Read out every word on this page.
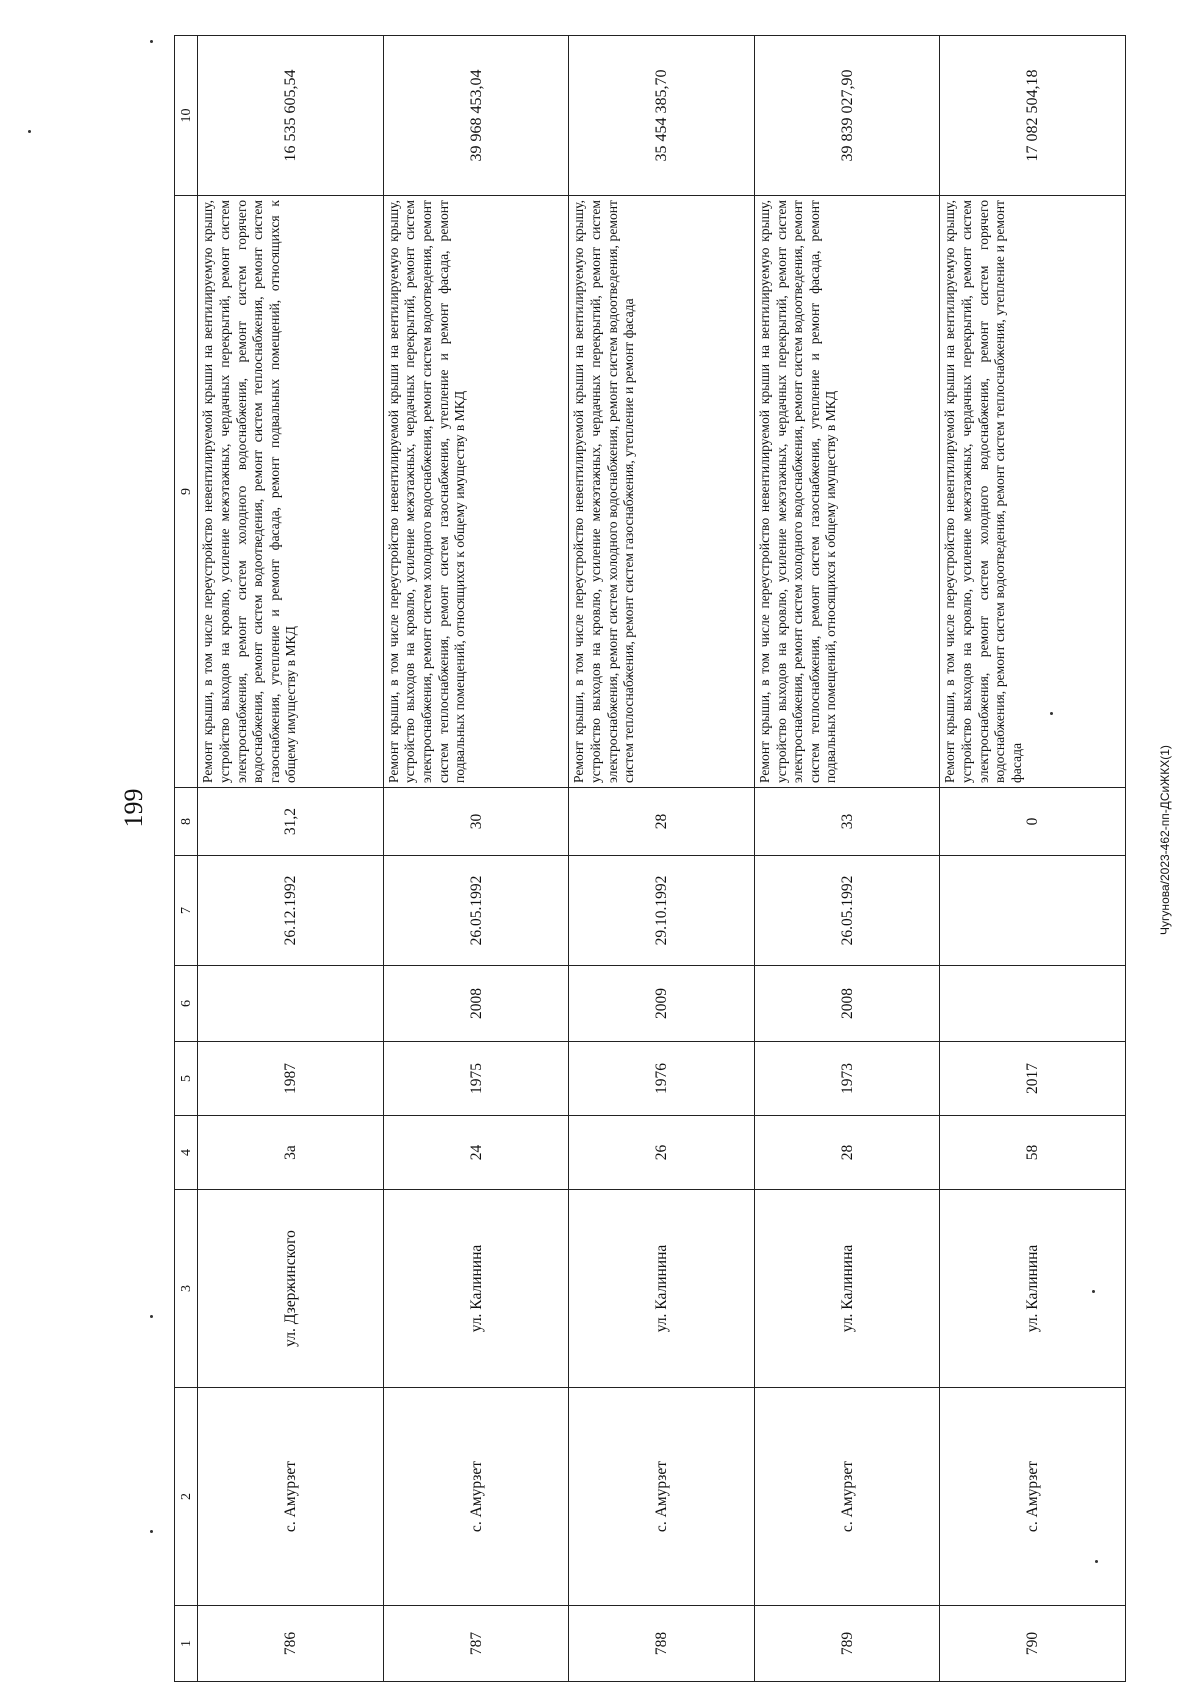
199	Чугунова/2023-462-пп-ДСиЖКХ(1)
1	2	3	4	5	6	7	8	9	10
786	с. Амурзет	ул. Дзержинского	3а	1987		26.12.1992	31,2	Ремонт крыши, в том числе переустройство невентилируемой крыши на вентилируемую крышу, устройство выходов на кровлю, усиление межэтажных, чердачных перекрытий, ремонт систем электроснабжения, ремонт систем холодного водоснабжения, ремонт систем горячего водоснабжения, ремонт систем водоотведения, ремонт систем теплоснабжения, ремонт систем газоснабжения, утепление и ремонт фасада, ремонт подвальных помещений, относящихся к общему имуществу в МКД	16 535 605,54
787	с. Амурзет	ул. Калинина	24	1975	2008	26.05.1992	30	Ремонт крыши, в том числе переустройство невентилируемой крыши на вентилируемую крышу, устройство выходов на кровлю, усиление межэтажных, чердачных перекрытий, ремонт систем электроснабжения, ремонт систем холодного водоснабжения, ремонт систем водоотведения, ремонт систем теплоснабжения, ремонт систем газоснабжения, утепление и ремонт фасада, ремонт подвальных помещений, относящихся к общему имуществу в МКД	39 968 453,04
788	с. Амурзет	ул. Калинина	26	1976	2009	29.10.1992	28	Ремонт крыши, в том числе переустройство невентилируемой крыши на вентилируемую крышу, устройство выходов на кровлю, усиление межэтажных, чердачных перекрытий, ремонт систем электроснабжения, ремонт систем холодного водоснабжения, ремонт систем водоотведения, ремонт систем теплоснабжения, ремонт систем газоснабжения, утепление и ремонт фасада	35 454 385,70
789	с. Амурзет	ул. Калинина	28	1973	2008	26.05.1992	33	Ремонт крыши, в том числе переустройство невентилируемой крыши на вентилируемую крышу, устройство выходов на кровлю, усиление межэтажных, чердачных перекрытий, ремонт систем электроснабжения, ремонт систем холодного водоснабжения, ремонт систем водоотведения, ремонт систем теплоснабжения, ремонт систем газоснабжения, утепление и ремонт фасада, ремонт подвальных помещений, относящихся к общему имуществу в МКД	39 839 027,90
790	с. Амурзет	ул. Калинина	58	2017			0	Ремонт крыши, в том числе переустройство невентилируемой крыши на вентилируемую крышу, устройство выходов на кровлю, усиление межэтажных, чердачных перекрытий, ремонт систем электроснабжения, ремонт систем холодного водоснабжения, ремонт систем горячего водоснабжения, ремонт систем водоотведения, ремонт систем теплоснабжения, утепление и ремонт фасада	17 082 504,18
